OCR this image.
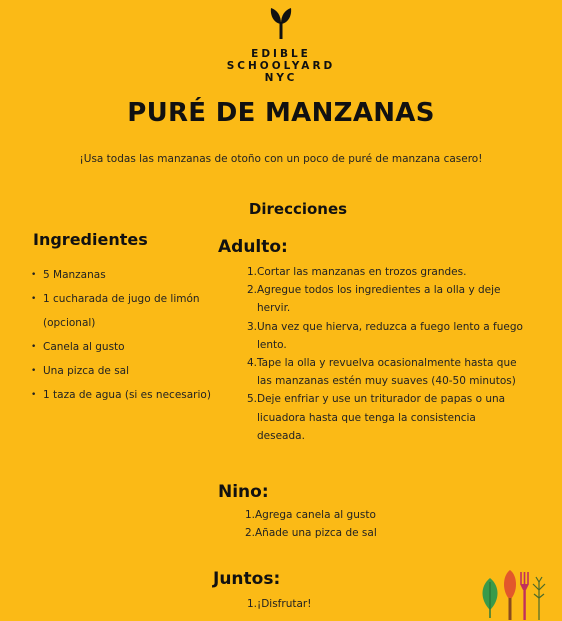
EDIBLE
SCHOOLYARD
NYC
PURÉ DE MANZANAS
¡Usa todas las manzanas de otoño con un poco de puré de manzana casero!
Direcciones
Ingredientes
• 5 Manzanas
• 1 cucharada de jugo de limón
(opcional)
• Canela al gusto
• Una pizca de sal
• 1 taza de agua (si es necesario)
Adulto:
1. Cortar las manzanas en trozos grandes.
2. Agregue todos los ingredientes a la olla y deje hervir.
3. Una vez que hierva, reduzca a fuego lento a fuego lento.
4. Tape la olla y revuelva ocasionalmente hasta que las manzanas estén muy suaves (40-50 minutos)
5. Deje enfriar y use un triturador de papas o una licuadora hasta que tenga la consistencia deseada.
Nino:
1. Agrega canela al gusto
2. Añade una pizca de sal
Juntos:
1. ¡Disfrutar!
